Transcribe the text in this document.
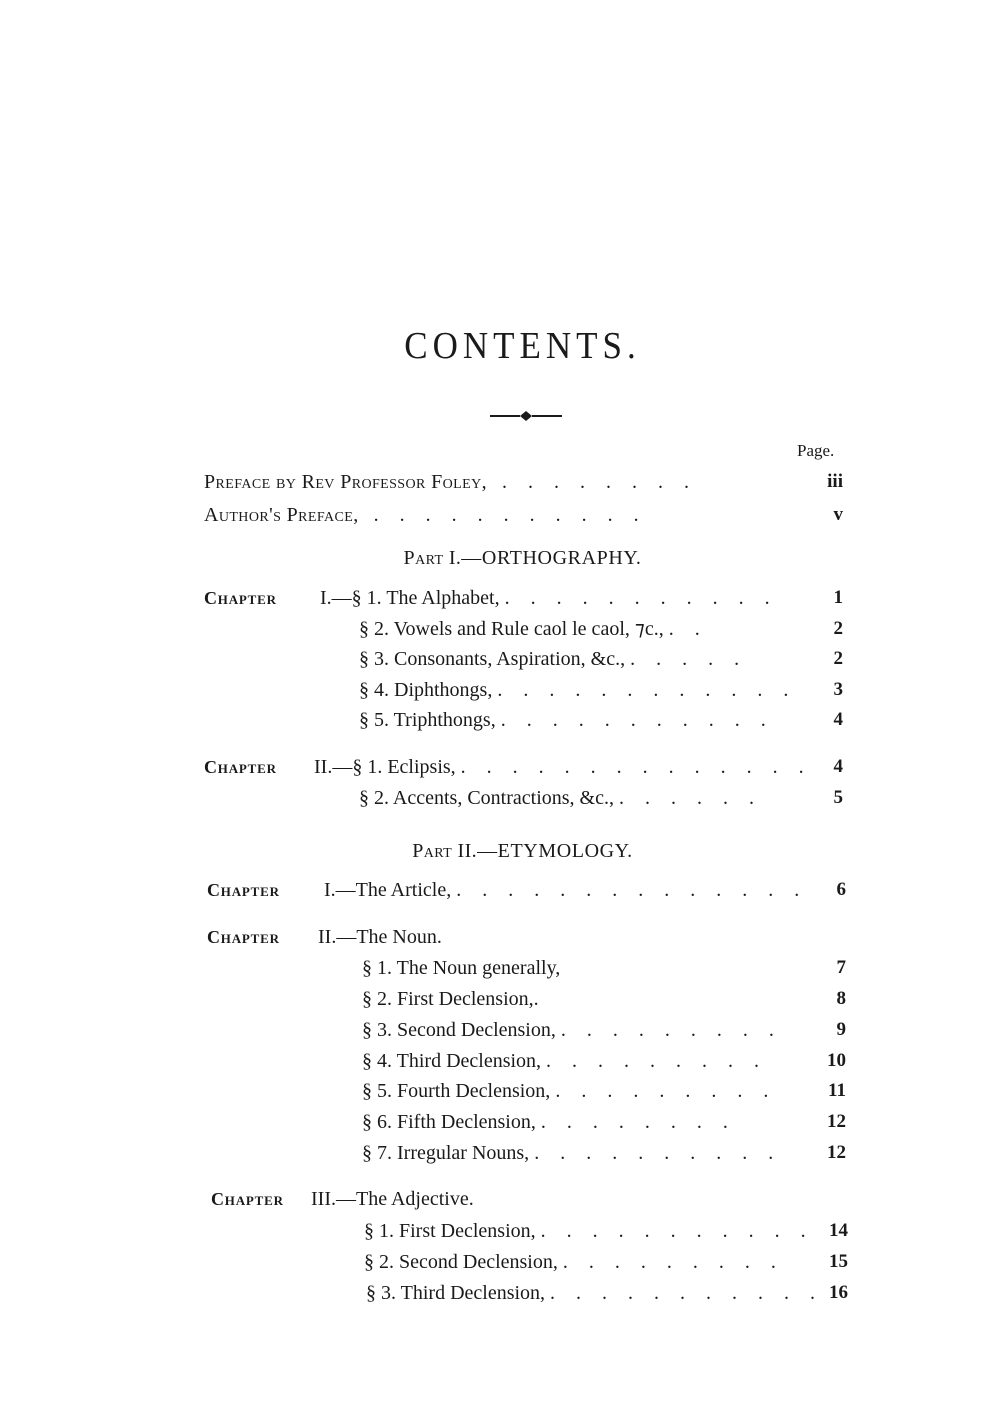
CONTENTS.
Page.
Preface by Rev Professor Foley, . . . . . . . .	iii
Author's Preface, . . . . . . . . . . .	v
Part I.—ORTHOGRAPHY.
Chapter I.—§ 1. The Alphabet, . . . . . . . . . . .	1
§ 2. Vowels and Rule caol le caol, ⁊c., . .	2
§ 3. Consonants, Aspiration, &c., . . . . .	2
§ 4. Diphthongs, . . . . . . . . . . . .	3
§ 5. Triphthongs, . . . . . . . . . . .	4
Chapter II.—§ 1. Eclipsis, . . . . . . . . . . . . . .	4
§ 2. Accents, Contractions, &c., . . . . . .	5
Part II.—ETYMOLOGY.
Chapter I.—The Article, . . . . . . . . . . . . . .	6
Chapter II.—The Noun.
§ 1. The Noun generally,	7
§ 2. First Declension,.	8
§ 3. Second Declension, . . . . . . . . .	9
§ 4. Third Declension, . . . . . . . . .	10
§ 5. Fourth Declension, . . . . . . . . .	11
§ 6. Fifth Declension, . . . . . . . .	12
§ 7. Irregular Nouns, . . . . . . . . . .	12
Chapter III.—The Adjective.
§ 1. First Declension, . . . . . . . . . . . 14
§ 2. Second Declension, . . . . . . . . .	15
§ 3. Third Declension, . . . . . . . . . . . 16
